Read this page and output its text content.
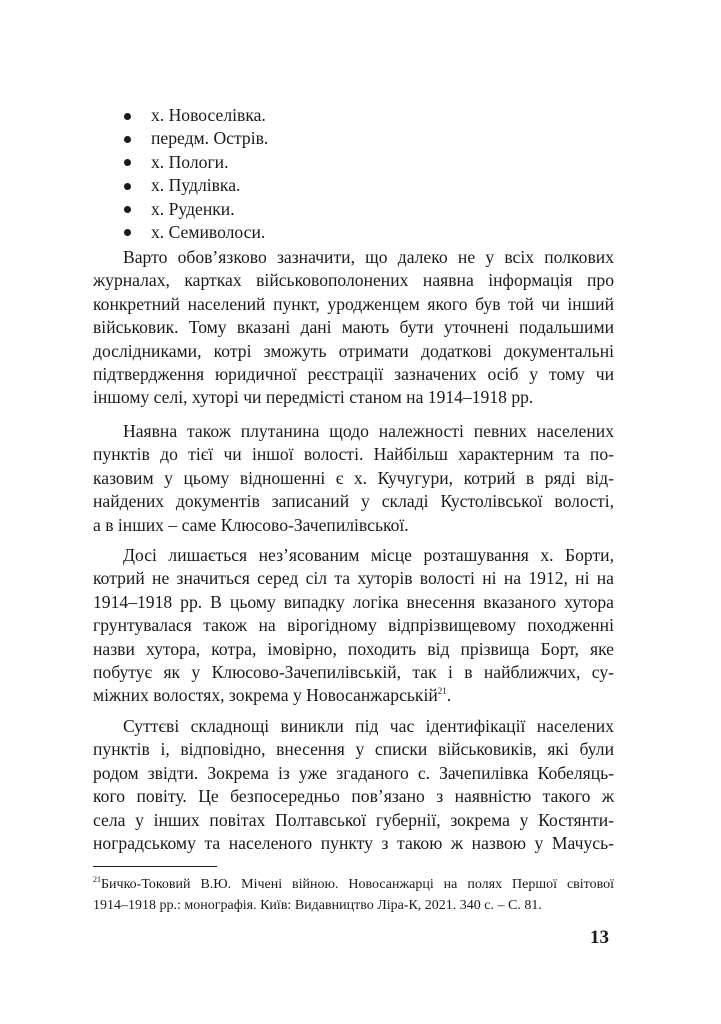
х. Новоселівка.
передм. Острів.
х. Пологи.
х. Пудлівка.
х. Руденки.
х. Семиволоси.
Варто обов’язково зазначити, що далеко не у всіх полкових
журналах, картках військовополонених наявна інформація про
конкретний населений пункт, уродженцем якого був той чи інший
військовик. Тому вказані дані мають бути уточнені подальшими
дослідниками, котрі зможуть отримати додаткові документальні
підтвердження юридичної реєстрації зазначених осіб у тому чи
іншому селі, хуторі чи передмісті станом на 1914–1918 рр.
Наявна також плутанина щодо належності певних населених
пунктів до тієї чи іншої волості. Найбільш характерним та по-
казовим у цьому відношенні є х. Кучугури, котрий в ряді від-
найдених документів записаний у складі Кустолівської волості,
а в інших – саме Клюсово-Зачепилівської.
Досі лишається нез’ясованим місце розташування х. Борти,
котрий не значиться серед сіл та хуторів волості ні на 1912, ні на
1914–1918 рр. В цьому випадку логіка внесення вказаного хутора
грунтувалася також на вірогідному відпрізвищевому походженні
назви хутора, котра, імовірно, походить від прізвища Борт, яке
побутує як у Клюсово-Зачепилівській, так і в найближчих, су-
міжних волостях, зокрема у Новосанжарській$^{21}$.
Суттєві складнощі виникли під час ідентифікації населених
пунктів і, відповідно, внесення у списки військовиків, які були
родом звідти. Зокрема із уже згаданого с. Зачепилівка Кобеляць-
кого повіту. Це безпосередньо пов’язано з наявністю такого ж
села у інших повітах Полтавської губернії, зокрема у Костянти-
ноградському та населеного пункту з такою ж назвою у Мачусь-
$^{21}$Бичко-Токовий В.Ю. Мічені війною. Новосанжарці на полях Першої світової
1914–1918 рр.: монографія. Київ: Видавництво Ліра-К, 2021. 340 с. – С. 81.
13
